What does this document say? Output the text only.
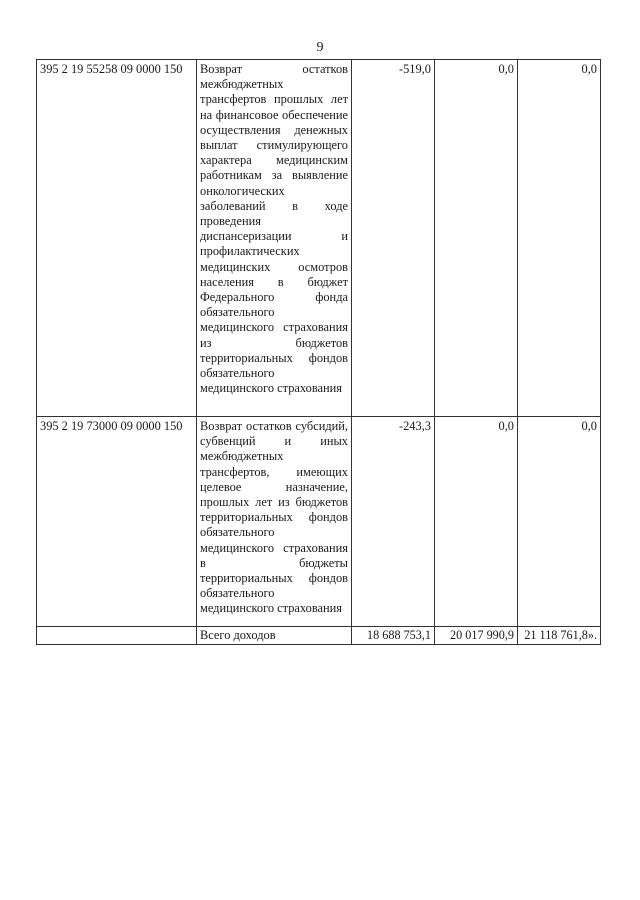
9
395 2 19 55258 09 0000 150	Возврат остатков межбюджетных трансфертов прошлых лет на финансовое обеспечение осуществления денежных выплат стимулирующего характера медицинским работникам за выявление онкологических заболеваний в ходе проведения диспансеризации и профилактических медицинских осмотров населения в бюджет Федерального фонда обязательного медицинского страхования из бюджетов территориальных фондов обязательного медицинского страхования	-519,0	0,0	0,0
395 2 19 73000 09 0000 150	Возврат остатков субсидий, субвенций и иных межбюджетных трансфертов, имеющих целевое назначение, прошлых лет из бюджетов территориальных фондов обязательного медицинского страхования в бюджеты территориальных фондов обязательного медицинского страхования	-243,3	0,0	0,0
	Всего доходов	18 688 753,1	20 017 990,9	21 118 761,8».
